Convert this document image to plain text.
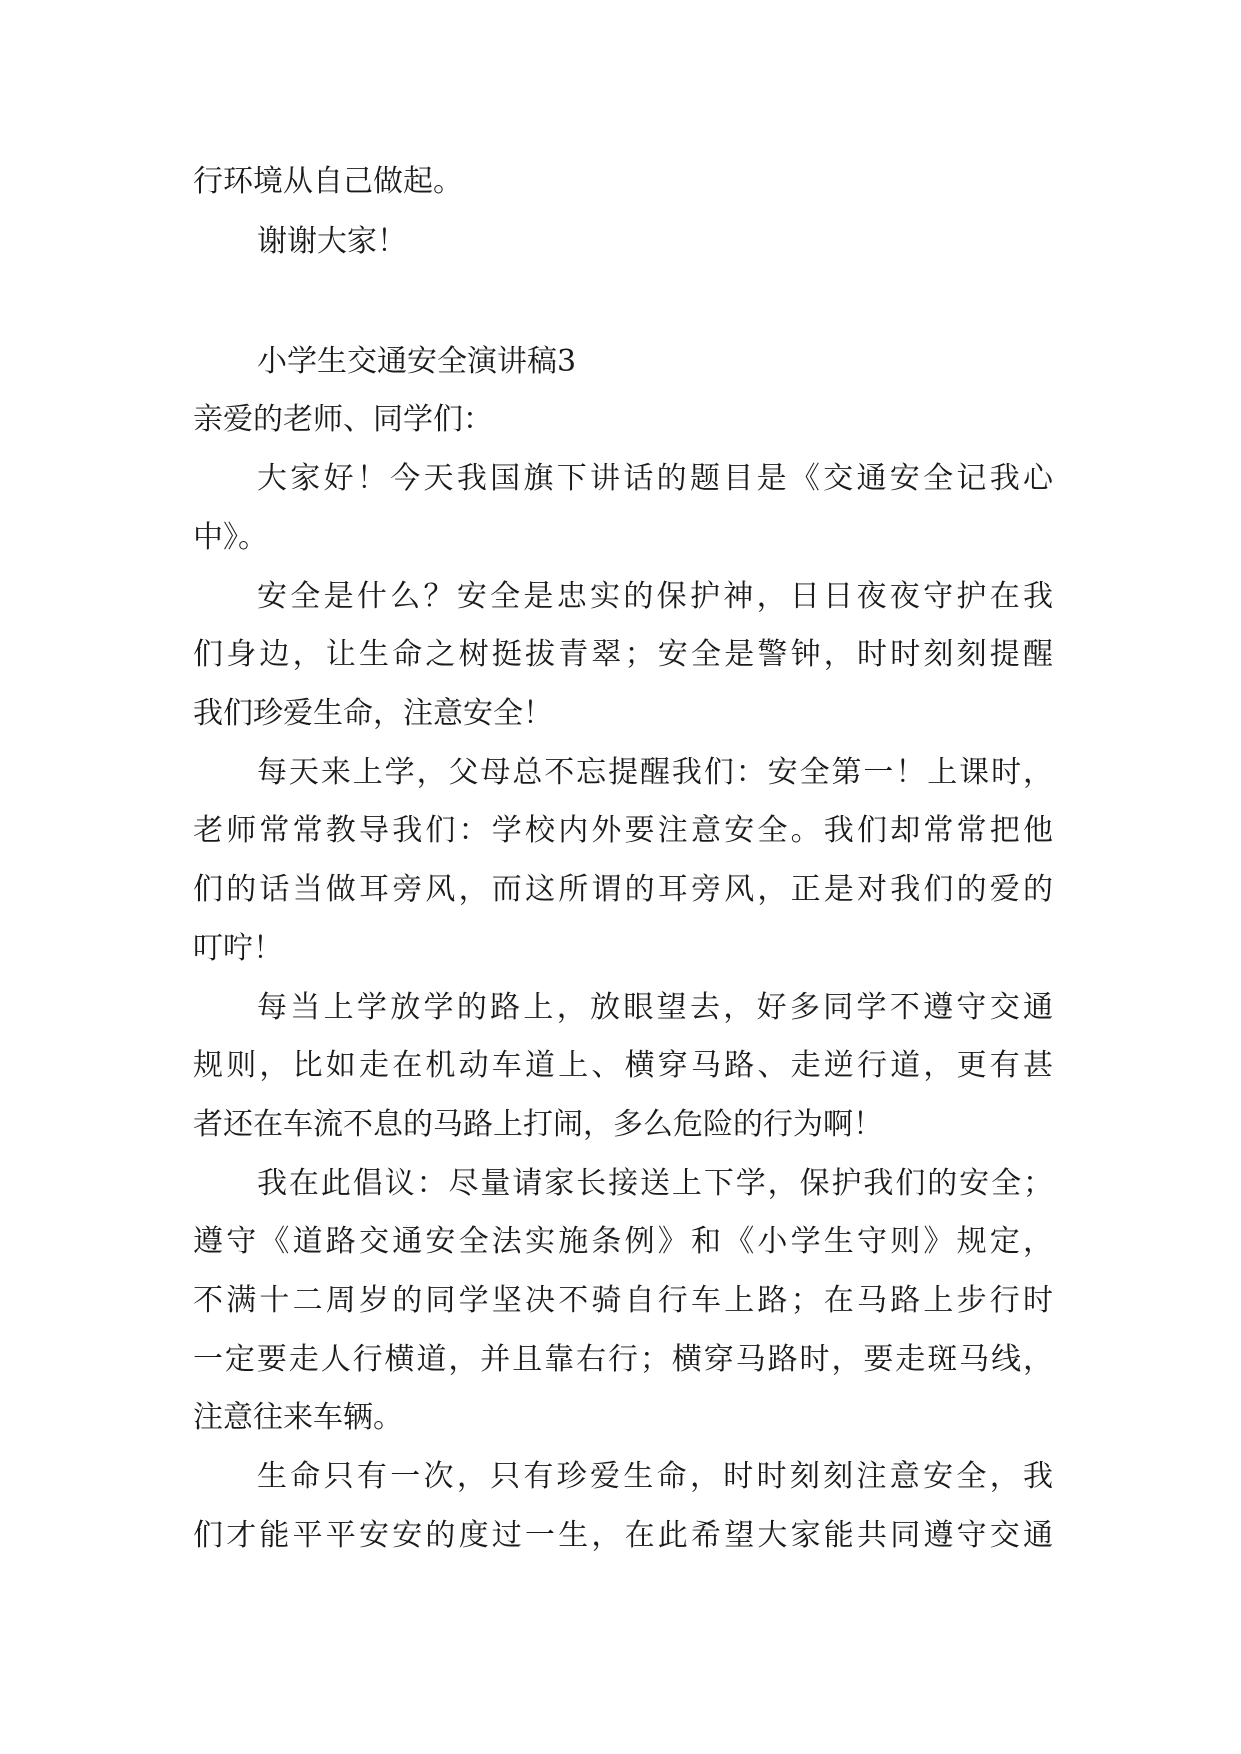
行环境从自己做起。
谢谢大家！
小学生交通安全演讲稿3
亲爱的老师、同学们：
大家好！今天我国旗下讲话的题目是《交通安全记我心
中》。
安全是什么？安全是忠实的保护神，日日夜夜守护在我
们身边，让生命之树挺拔青翠；安全是警钟，时时刻刻提醒
我们珍爱生命，注意安全！
每天来上学，父母总不忘提醒我们：安全第一！上课时，
老师常常教导我们：学校内外要注意安全。我们却常常把他
们的话当做耳旁风，而这所谓的耳旁风，正是对我们的爱的
叮咛！
每当上学放学的路上，放眼望去，好多同学不遵守交通
规则，比如走在机动车道上、横穿马路、走逆行道，更有甚
者还在车流不息的马路上打闹，多么危险的行为啊！
我在此倡议：尽量请家长接送上下学，保护我们的安全；
遵守《道路交通安全法实施条例》和《小学生守则》规定，
不满十二周岁的同学坚决不骑自行车上路；在马路上步行时
一定要走人行横道，并且靠右行；横穿马路时，要走斑马线，
注意往来车辆。
生命只有一次，只有珍爱生命，时时刻刻注意安全，我
们才能平平安安的度过一生，在此希望大家能共同遵守交通
